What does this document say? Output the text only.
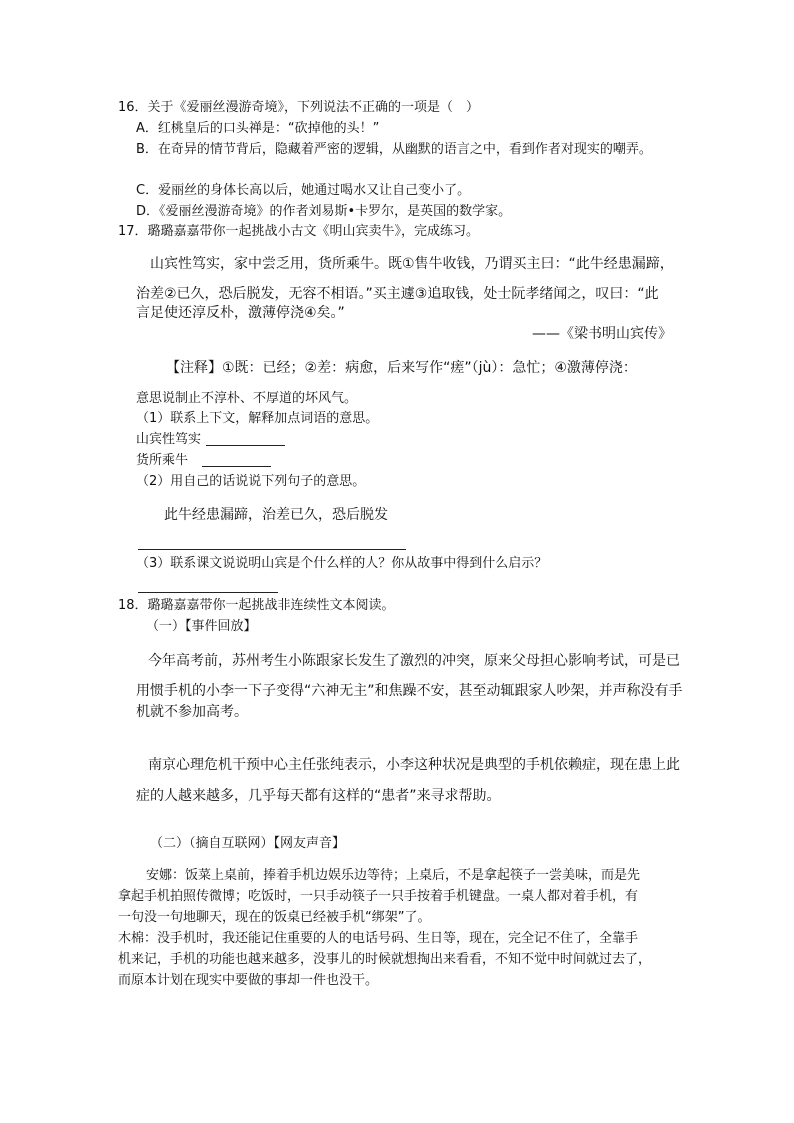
16．关于《爱丽丝漫游奇境》，下列说法不正确的一项是（　）
A．红桃皇后的口头禅是：“砍掉他的头！”
B．在奇异的情节背后，隐藏着严密的逻辑，从幽默的语言之中，看到作者对现实的嘲弄。
C．爱丽丝的身体长高以后，她通过喝水又让自己变小了。
D．《爱丽丝漫游奇境》的作者刘易斯•卡罗尔，是英国的数学家。
17．璐璐嘉嘉带你一起挑战小古文《明山宾卖牛》，完成练习。
山宾性笃实，家中尝乏用，货所乘牛。既①售牛收钱，乃谓买主曰：“此牛经患漏蹄，
治差②已久，恐后脱发，无容不相语。”买主遽③追取钱，处士阮孝绪闻之，叹曰：“此
言足使还淳反朴，激薄停浇④矣。”
——《梁书明山宾传》
【注释】①既：已经；②差：病愈，后来写作“瘥”（jù）：急忙；④激薄停浇：
意思说制止不淳朴、不厚道的坏风气。
（1）联系上下文，解释加点词语的意思。
山宾性笃实
货所乘牛
（2）用自己的话说说下列句子的意思。
此牛经患漏蹄，治差已久，恐后脱发
（3）联系课文说说明山宾是个什么样的人？你从故事中得到什么启示？
18．璐璐嘉嘉带你一起挑战非连续性文本阅读。
（一）【事件回放】
今年高考前，苏州考生小陈跟家长发生了激烈的冲突，原来父母担心影响考试，可是已
用惯手机的小李一下子变得“六神无主”和焦躁不安，甚至动辄跟家人吵架，并声称没有手
机就不参加高考。
南京心理危机干预中心主任张纯表示，小李这种状况是典型的手机依赖症，现在患上此
症的人越来越多，几乎每天都有这样的“患者”来寻求帮助。
（二）（摘自互联网）【网友声音】
安娜：饭菜上桌前，捧着手机边娱乐边等待；上桌后，不是拿起筷子一尝美味，而是先
拿起手机拍照传微博；吃饭时，一只手动筷子一只手按着手机键盘。一桌人都对着手机，有
一句没一句地聊天，现在的饭桌已经被手机“绑架”了。
木棉：没手机时，我还能记住重要的人的电话号码、生日等，现在，完全记不住了，全靠手
机来记，手机的功能也越来越多，没事儿的时候就想掏出来看看，不知不觉中时间就过去了，
而原本计划在现实中要做的事却一件也没干。
